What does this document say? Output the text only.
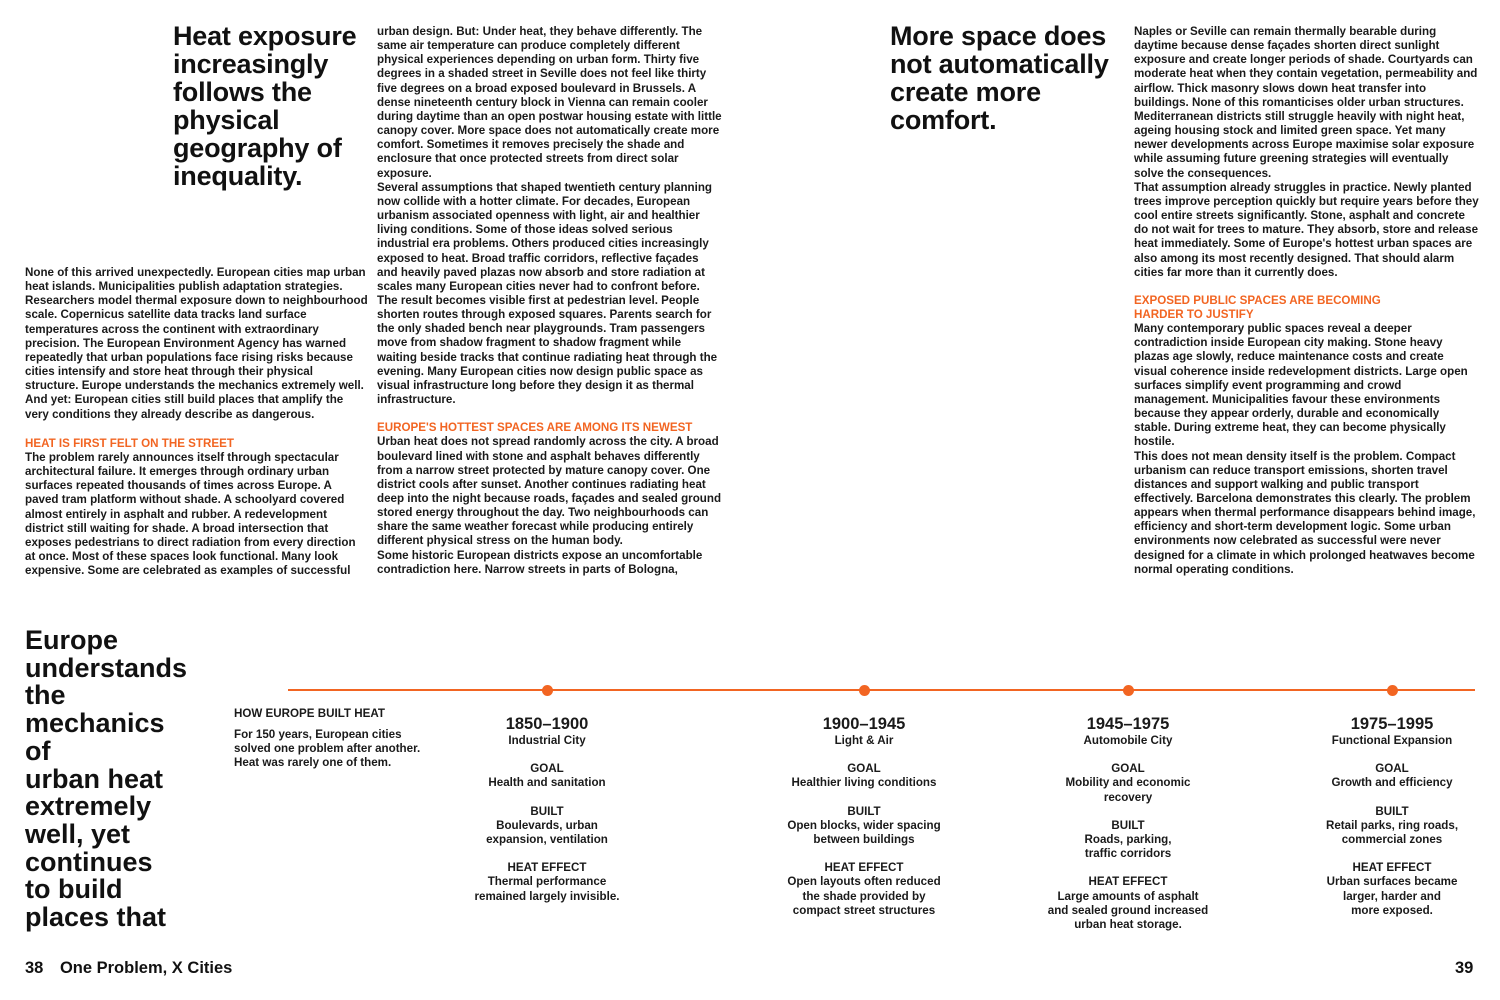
Heat exposure
increasingly
follows the
physical
geography of
inequality.

None of this arrived unexpectedly. European cities map urban heat islands. Municipalities publish adaptation strategies. Researchers model thermal exposure down to neighbourhood scale. Copernicus satellite data tracks land surface temperatures across the continent with extraordinary precision. The European Environment Agency has warned repeatedly that urban populations face rising risks because cities intensify and store heat through their physical structure. Europe understands the mechanics extremely well. And yet: European cities still build places that amplify the very conditions they already describe as dangerous.

HEAT IS FIRST FELT ON THE STREET

The problem rarely announces itself through spectacular architectural failure. It emerges through ordinary urban surfaces repeated thousands of times across Europe. A paved tram platform without shade. A schoolyard covered almost entirely in asphalt and rubber. A redevelopment district still waiting for shade. A broad intersection that exposes pedestrians to direct radiation from every direction at once. Most of these spaces look functional. Many look expensive. Some are celebrated as examples of successful

urban design. But: Under heat, they behave differently. The same air temperature can produce completely different physical experiences depending on urban form. Thirty five degrees in a shaded street in Seville does not feel like thirty five degrees on a broad exposed boulevard in Brussels. A dense nineteenth century block in Vienna can remain cooler during daytime than an open postwar housing estate with little canopy cover. More space does not automatically create more comfort. Sometimes it removes precisely the shade and enclosure that once protected streets from direct solar exposure.

Several assumptions that shaped twentieth century planning now collide with a hotter climate. For decades, European urbanism associated openness with light, air and healthier living conditions. Some of those ideas solved serious industrial era problems. Others produced cities increasingly exposed to heat. Broad traffic corridors, reflective façades and heavily paved plazas now absorb and store radiation at scales many European cities never had to confront before. The result becomes visible first at pedestrian level. People shorten routes through exposed squares. Parents search for the only shaded bench near playgrounds. Tram passengers move from shadow fragment to shadow fragment while waiting beside tracks that continue radiating heat through the evening. Many European cities now design public space as visual infrastructure long before they design it as thermal infrastructure.

EUROPE'S HOTTEST SPACES ARE AMONG ITS NEWEST

Urban heat does not spread randomly across the city. A broad boulevard lined with stone and asphalt behaves differently from a narrow street protected by mature canopy cover. One district cools after sunset. Another continues radiating heat deep into the night because roads, façades and sealed ground stored energy throughout the day. Two neighbourhoods can share the same weather forecast while producing entirely different physical stress on the human body.

Some historic European districts expose an uncomfortable contradiction here. Narrow streets in parts of Bologna,

Europe
understands
the
mechanics
of
urban heat
extremely
well, yet
continues
to build
places that
38 One Problem, X Cities
More space does
not automatically
create more
comfort.

Naples or Seville can remain thermally bearable during daytime because dense façades shorten direct sunlight exposure and create longer periods of shade. Courtyards can moderate heat when they contain vegetation, permeability and airflow. Thick masonry slows down heat transfer into buildings. None of this romanticises older urban structures. Mediterranean districts still struggle heavily with night heat, ageing housing stock and limited green space. Yet many newer developments across Europe maximise solar exposure while assuming future greening strategies will eventually solve the consequences.

That assumption already struggles in practice. Newly planted trees improve perception quickly but require years before they cool entire streets significantly. Stone, asphalt and concrete do not wait for trees to mature. They absorb, store and release heat immediately. Some of Europe's hottest urban spaces are also among its most recently designed. That should alarm cities far more than it currently does.

EXPOSED PUBLIC SPACES ARE BECOMING
HARDER TO JUSTIFY

Many contemporary public spaces reveal a deeper contradiction inside European city making. Stone heavy plazas age slowly, reduce maintenance costs and create visual coherence inside redevelopment districts. Large open surfaces simplify event programming and crowd management. Municipalities favour these environments because they appear orderly, durable and economically stable. During extreme heat, they can become physically hostile.

This does not mean density itself is the problem. Compact urbanism can reduce transport emissions, shorten travel distances and support walking and public transport effectively. Barcelona demonstrates this clearly. The problem appears when thermal performance disappears behind image, efficiency and short-term development logic. Some urban environments now celebrated as successful were never designed for a climate in which prolonged heatwaves become normal operating conditions.

39
HOW EUROPE BUILT HEAT
For 150 years, European cities
solved one problem after another.
Heat was rarely one of them.
1850–1900
Industrial City
GOAL
Health and sanitation
BUILT
Boulevards, urban
expansion, ventilation
HEAT EFFECT
Thermal performance
remained largely invisible.
1900–1945
Light & Air
GOAL
Healthier living conditions
BUILT
Open blocks, wider spacing
between buildings
HEAT EFFECT
Open layouts often reduced
the shade provided by
compact street structures
1945–1975
Automobile City
GOAL
Mobility and economic
recovery
BUILT
Roads, parking,
traffic corridors
HEAT EFFECT
Large amounts of asphalt
and sealed ground increased
urban heat storage.
1975–1995
Functional Expansion
GOAL
Growth and efficiency
BUILT
Retail parks, ring roads,
commercial zones
HEAT EFFECT
Urban surfaces became
larger, harder and
more exposed.
